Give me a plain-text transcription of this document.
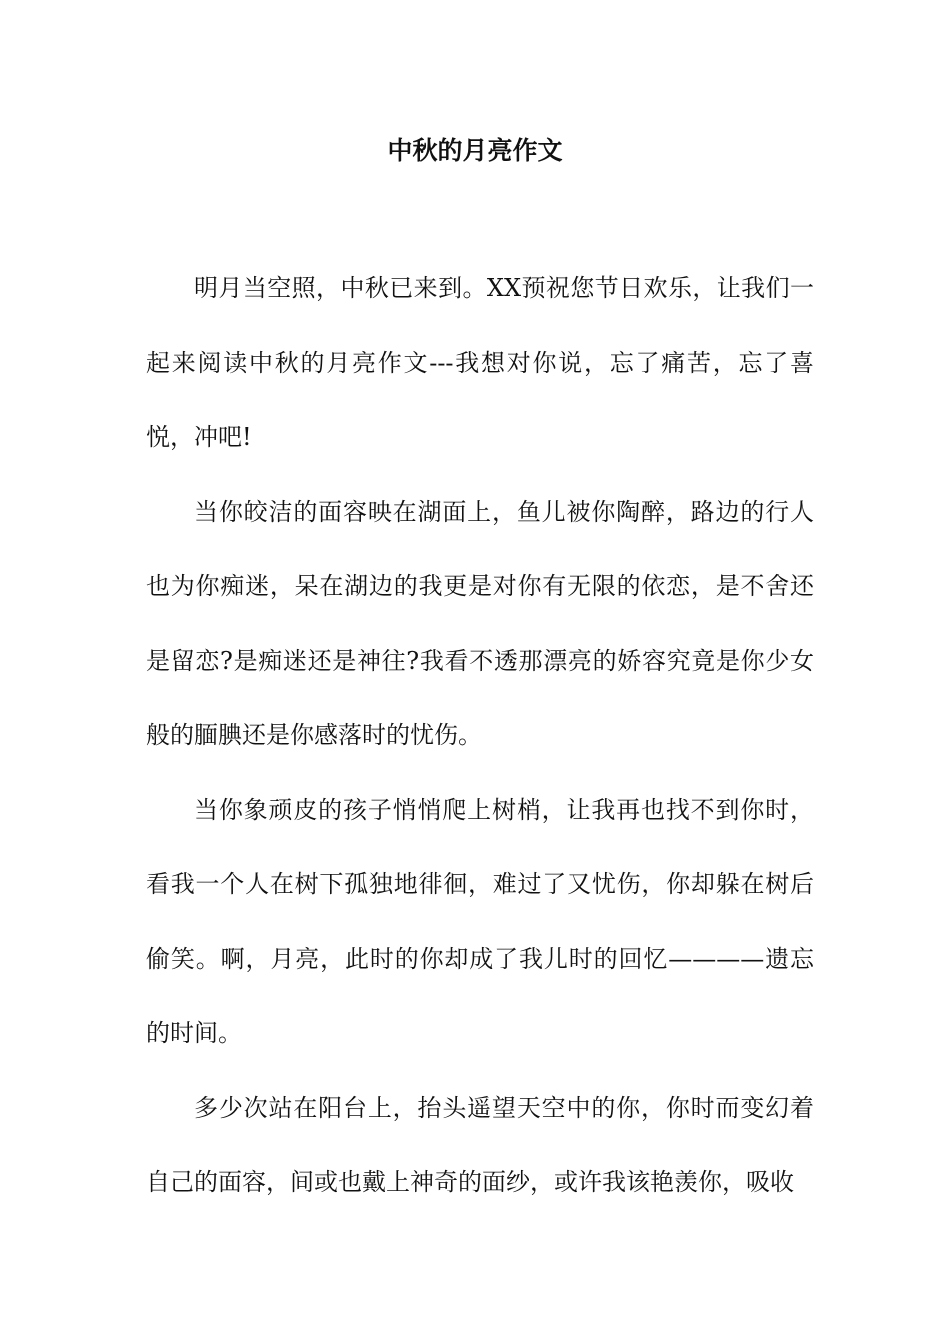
中秋的月亮作文

明月当空照，中秋已来到。XX预祝您节日欢乐，让我们一起来阅读中秋的月亮作文---我想对你说，忘了痛苦，忘了喜悦，冲吧!

当你皎洁的面容映在湖面上，鱼儿被你陶醉，路边的行人也为你痴迷，呆在湖边的我更是对你有无限的依恋，是不舍还是留恋?是痴迷还是神往?我看不透那漂亮的娇容究竟是你少女般的腼腆还是你感落时的忧伤。

当你象顽皮的孩子悄悄爬上树梢，让我再也找不到你时，看我一个人在树下孤独地徘徊，难过了又忧伤，你却躲在树后偷笑。啊，月亮，此时的你却成了我儿时的回忆————遗忘的时间。

多少次站在阳台上，抬头遥望天空中的你，你时而变幻着自己的面容，间或也戴上神奇的面纱，或许我该艳羡你，吸收
